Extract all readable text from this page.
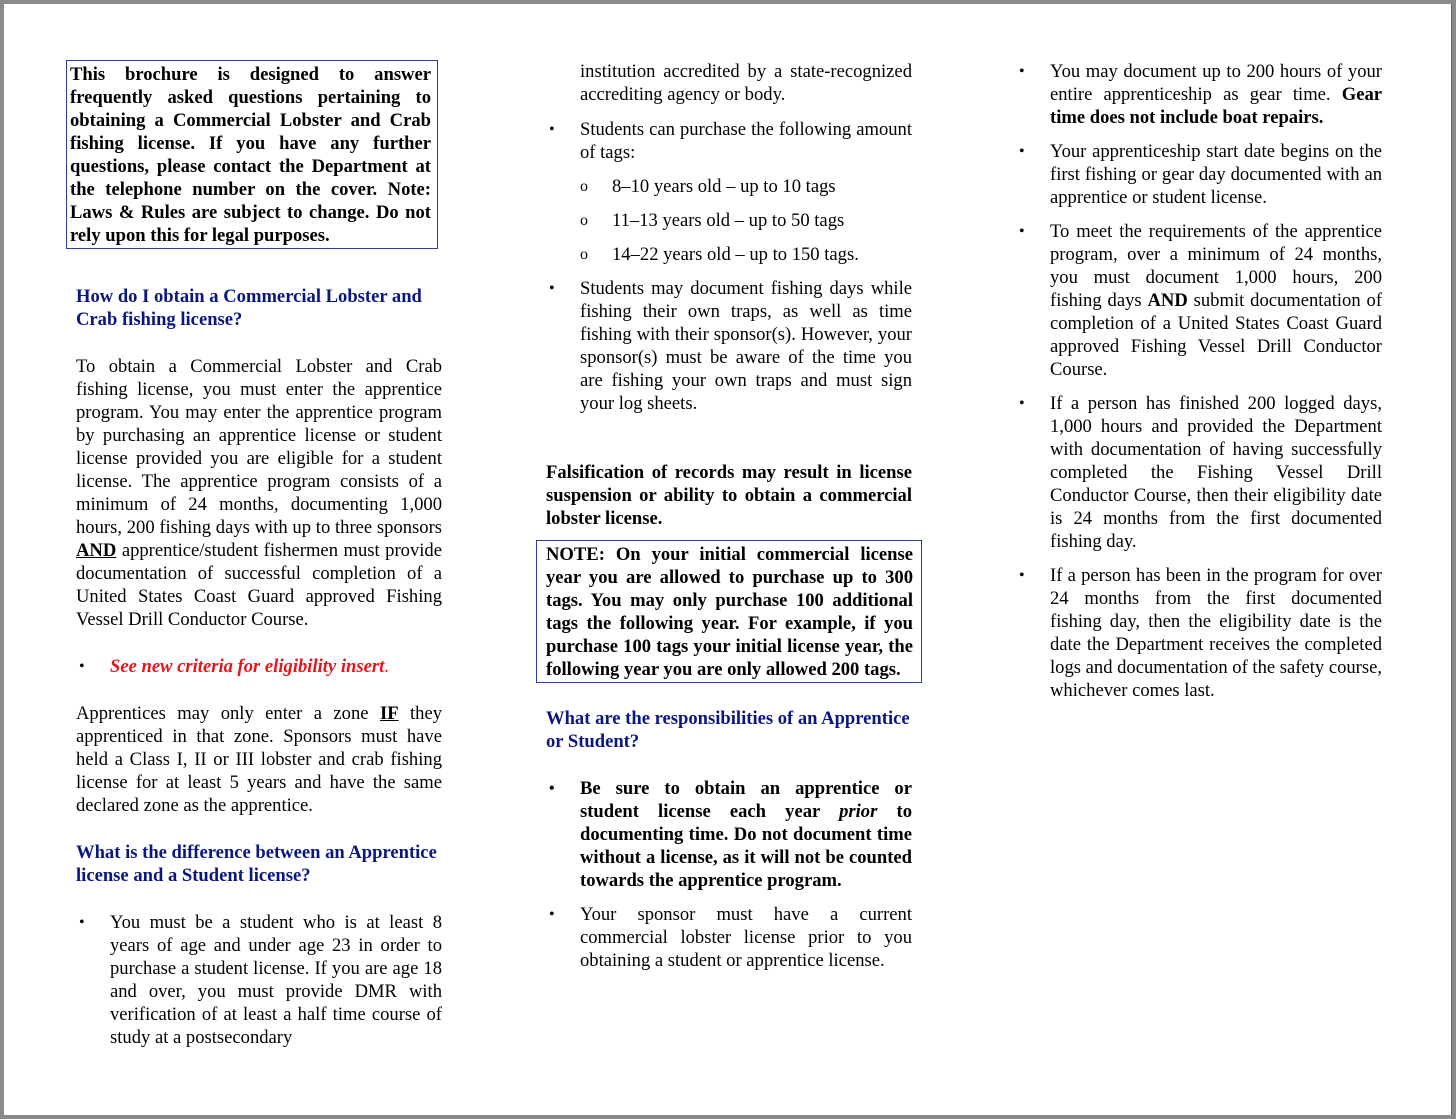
This brochure is designed to answer frequently asked questions pertaining to obtaining a Commercial Lobster and Crab fishing license. If you have any further questions, please contact the Department at the telephone number on the cover. Note: Laws & Rules are subject to change. Do not rely upon this for legal purposes.

How do I obtain a Commercial Lobster and Crab fishing license?

To obtain a Commercial Lobster and Crab fishing license, you must enter the apprentice program. You may enter the apprentice program by purchasing an apprentice license or student license provided you are eligible for a student license. The apprentice program consists of a minimum of 24 months, documenting 1,000 hours, 200 fishing days with up to three sponsors AND apprentice/student fishermen must provide documentation of successful completion of a United States Coast Guard approved Fishing Vessel Drill Conductor Course.

• See new criteria for eligibility insert.

Apprentices may only enter a zone IF they apprenticed in that zone. Sponsors must have held a Class I, II or III lobster and crab fishing license for at least 5 years and have the same declared zone as the apprentice.

What is the difference between an Apprentice license and a Student license?

• You must be a student who is at least 8 years of age and under age 23 in order to purchase a student license. If you are age 18 and over, you must provide DMR with verification of at least a half time course of study at a postsecondary

institution accredited by a state-recognized accrediting agency or body.

• Students can purchase the following amount of tags:
o 8–10 years old – up to 10 tags
o 11–13 years old – up to 50 tags
o 14–22 years old – up to 150 tags.
• Students may document fishing days while fishing their own traps, as well as time fishing with their sponsor(s). However, your sponsor(s) must be aware of the time you are fishing your own traps and must sign your log sheets.

Falsification of records may result in license suspension or ability to obtain a commercial lobster license.

NOTE: On your initial commercial license year you are allowed to purchase up to 300 tags. You may only purchase 100 additional tags the following year. For example, if you purchase 100 tags your initial license year, the following year you are only allowed 200 tags.

What are the responsibilities of an Apprentice or Student?

• Be sure to obtain an apprentice or student license each year prior to documenting time. Do not document time without a license, as it will not be counted towards the apprentice program.
• Your sponsor must have a current commercial lobster license prior to you obtaining a student or apprentice license.
• You may document up to 200 hours of your entire apprenticeship as gear time. Gear time does not include boat repairs.
• Your apprenticeship start date begins on the first fishing or gear day documented with an apprentice or student license.
• To meet the requirements of the apprentice program, over a minimum of 24 months, you must document 1,000 hours, 200 fishing days AND submit documentation of completion of a United States Coast Guard approved Fishing Vessel Drill Conductor Course.
• If a person has finished 200 logged days, 1,000 hours and provided the Department with documentation of having successfully completed the Fishing Vessel Drill Conductor Course, then their eligibility date is 24 months from the first documented fishing day.
• If a person has been in the program for over 24 months from the first documented fishing day, then the eligibility date is the date the Department receives the completed logs and documentation of the safety course, whichever comes last.
